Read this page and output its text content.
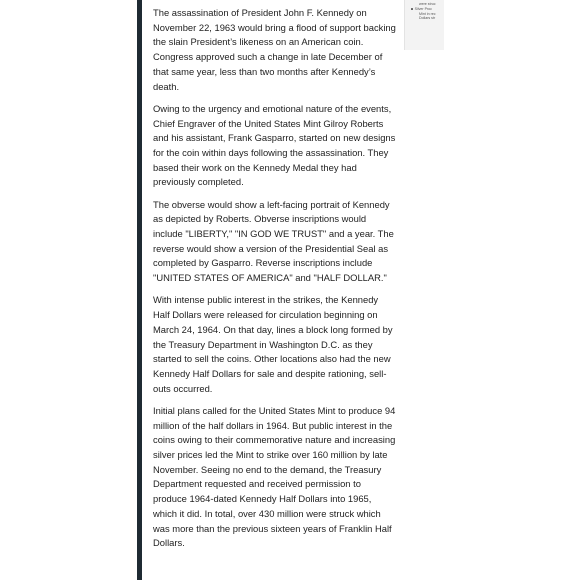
The assassination of President John F. Kennedy on November 22, 1963 would bring a flood of support backing the slain President’s likeness on an American coin. Congress approved such a change in late December of that same year, less than two months after Kennedy’s death.

Owing to the urgency and emotional nature of the events, Chief Engraver of the United States Mint Gilroy Roberts and his assistant, Frank Gasparro, started on new designs for the coin within days following the assassination. They based their work on the Kennedy Medal they had previously completed.

The obverse would show a left-facing portrait of Kennedy as depicted by Roberts. Obverse inscriptions would include "LIBERTY," "IN GOD WE TRUST" and a year. The reverse would show a version of the Presidential Seal as completed by Gasparro. Reverse inscriptions include "UNITED STATES OF AMERICA" and "HALF DOLLAR."

With intense public interest in the strikes, the Kennedy Half Dollars were released for circulation beginning on March 24, 1964. On that day, lines a block long formed by the Treasury Department in Washington D.C. as they started to sell the coins. Other locations also had the new Kennedy Half Dollars for sale and despite rationing, sell-outs occurred.

Initial plans called for the United States Mint to produce 94 million of the half dollars in 1964. But public interest in the coins owing to their commemorative nature and increasing silver prices led the Mint to strike over 160 million by late November. Seeing no end to the demand, the Treasury Department requested and received permission to produce 1964-dated Kennedy Half Dollars into 1965, which it did. In total, over 430 million were struck which was more than the previous sixteen years of Franklin Half Dollars.

were struc
Silver Proc
Mint in rec
Dollars str
